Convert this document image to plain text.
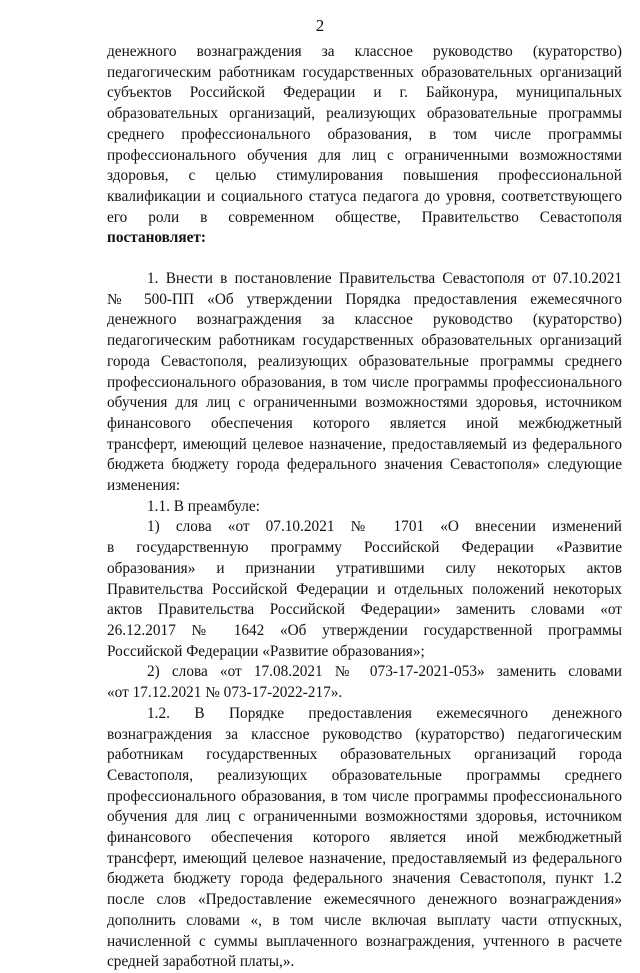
2

денежного вознаграждения за классное руководство (кураторство)

педагогическим работникам государственных образовательных организаций

субъектов Российской Федерации и г. Байконура, муниципальных

образовательных организаций, реализующих образовательные программы

среднего профессионального образования, в том числе программы

профессионального обучения для лиц с ограниченными возможностями

здоровья, с целью стимулирования повышения профессиональной

квалификации и социального статуса педагога до уровня, соответствующего

его роли в современном обществе, Правительство Севастополя

постановляет:

1. Внести в постановление Правительства Севастополя от 07.10.2021

№ 500-ПП «Об утверждении Порядка предоставления ежемесячного

денежного вознаграждения за классное руководство (кураторство)

педагогическим работникам государственных образовательных организаций

города Севастополя, реализующих образовательные программы среднего

профессионального образования, в том числе программы профессионального

обучения для лиц с ограниченными возможностями здоровья, источником

финансового обеспечения которого является иной межбюджетный

трансферт, имеющий целевое назначение, предоставляемый из федерального

бюджета бюджету города федерального значения Севастополя» следующие

изменения:

1.1. В преамбуле:

1) слова «от 07.10.2021 № 1701 «О внесении изменений

в государственную программу Российской Федерации «Развитие

образования» и признании утратившими силу некоторых актов

Правительства Российской Федерации и отдельных положений некоторых

актов Правительства Российской Федерации» заменить словами «от

26.12.2017 № 1642 «Об утверждении государственной программы

Российской Федерации «Развитие образования»;

2) слова «от 17.08.2021 № 073-17-2021-053» заменить словами

«от 17.12.2021 № 073-17-2022-217».

1.2. В Порядке предоставления ежемесячного денежного

вознаграждения за классное руководство (кураторство) педагогическим

работникам государственных образовательных организаций города

Севастополя, реализующих образовательные программы среднего

профессионального образования, в том числе программы профессионального

обучения для лиц с ограниченными возможностями здоровья, источником

финансового обеспечения которого является иной межбюджетный

трансферт, имеющий целевое назначение, предоставляемый из федерального

бюджета бюджету города федерального значения Севастополя, пункт 1.2

после слов «Предоставление ежемесячного денежного вознаграждения»

дополнить словами «, в том числе включая выплату части отпускных,

начисленной с суммы выплаченного вознаграждения, учтенного в расчете

средней заработной платы,».
